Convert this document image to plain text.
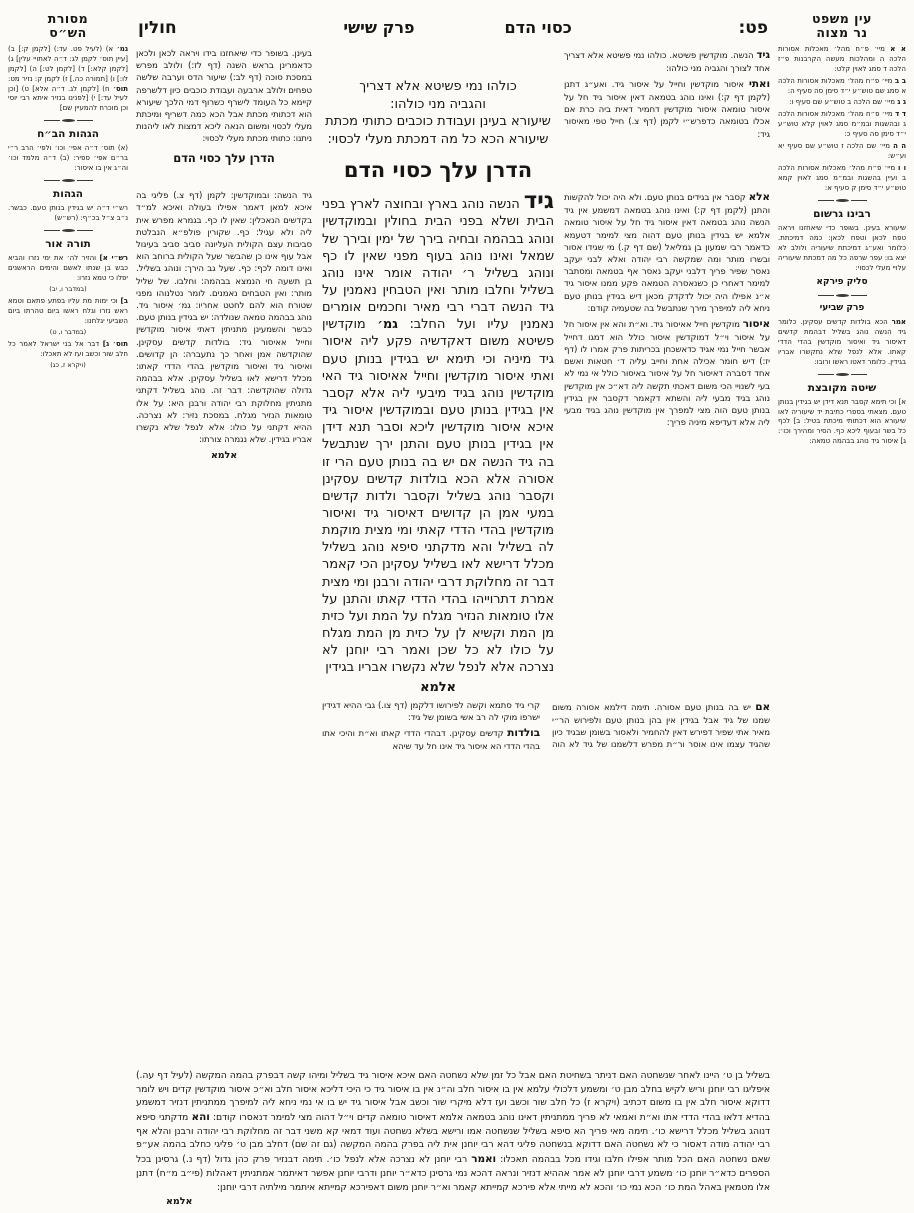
עין משפט
נר מצוה
א א מיי׳ פ״ח מהל׳ מאכלות אסורות הלכה ה ומהלכות מעשה הקרבנות פ״ז הלכה ד סמג לאוין קלט:
ב ב מיי׳ פ״ח מהל׳ מאכלות אסורות הלכה א סמג שם טוש״ע י״ד סימן סה סעיף ה:
ג ג מיי׳ שם הלכה ב טוש״ע שם סעיף ו:
ד ד מיי׳ פ״ח מהל׳ מאכלות אסורות הלכה ג ובהשגות ובמ״מ סמג לאוין קלא טוש״ע י״ד סימן סה סעיף כ:
ה ה מיי׳ שם הלכה ז טוש״ע שם סעיף יא וע״ש:
ו ו מיי׳ פ״ח מהל׳ מאכלות אסורות הלכה ב ועיין בהשגות ובמ״מ סמג לאוין קמא טוש״ע י״ד סימן ק סעיף א:
רבינו גרשום
שיעורא בעינן. בשופר כדי שיאחזנו ויראה טפח לכאן וטפח לכאן: כמה דמיכתת. כלומר ואע״ג דמיכתת שיעוריה ולולב לא יצא בו: עפר שרפה כל מה דמכתת שיעוריה עלויי מעלי לכסוי:
סליק פירקא
פרק שביעי
אמר הכא בולדות קדשים עסקינן. כלומר גיד הנשה נוהג בשליל דבהמת קדשים דאיסור גיד ואיסור מוקדשין בהדי הדדי קאתו. אלא לנפל שלא נתקשרו אבריו בגידין. כלומר דאטו ראשו ורובו:
שיטה מקובצת
א] וכי תימא קסבר תנא דידן יש בגידין בנותן טעם. מצאתי בספרי כתיבת יד שיעוריה לאו שיעורא הוא דכתותי מיכתת בטיל: ב] לכף כל בשר ובעוף ליכא כף. הסיר ומהירך וכו׳: ג] איסור גיד נוהג בבהמה טמאה:
פט:
כסוי הדם
פרק שישי
חולין
גיד הנשה. מוקדשין פשיטא. כולהו נמי פשיטא אלא דצריך אחד לצורך והגביה מני כולהו:
ואתי איסור מוקדשין וחייל על איסור גיד. ואע״ג דתנן (לקמן דף ק:) ואינו נוהג בטמאה דאין איסור גיד חל על איסור טומאה איסור מוקדשין דחמיר דאית ביה כרת אם אכלו בטומאה כדפרש״י לקמן (דף צ.) חייל טפי מאיסור גיד:
כולהו נמי פשיטא אלא דצריך
והגביה מני כולהו:
שיעורא בעינן ועבודת כוכבים כתותי מכתת
שיעורא הכא כל מה דמכתת מעלי לכסוי:
הדרן עלך כסוי הדם
בעינן. בשופר כדי שיאחזנו בידו ויראה לכאן ולכאן כדאמרינן בראש השנה (דף לז:) ולולב מפרש במסכת סוכה (דף לב:) שיעור הדס וערבה שלשה טפחים ולולב ארבעה ועבודת כוכבים כיון דלשרפה קיימא כל העומד לישרף כשרוף דמי הלכך שיעורא הוא דכתותי מכתת אבל הכא כמה דשריף ומיכתת מעלי לכסוי ומשום הנאה ליכא דמצות לאו ליהנות ניתנו: כתותי מכתת מעלי לכסוי:
הדרן עלך כסוי הדם
אלא קסבר אין בגידים בנותן טעם. ולא היה יכול להקשות והתנן (לקמן דף ק:) ואינו נוהג בטמאה דמשמע אין גיד הנשה נוהג בטמאה דאין איסור גיד חל על איסור טומאה אלמא יש בגידין בנותן טעם דהוה מצי למימר דטעמא כדאמר רבי שמעון בן גמליאל (שם דף ק.) מי שגידו אסור ובשרו מותר ומה שמקשה רבי יהודה ואלא לבני יעקב נאסר שפיר פריך דלבני יעקב נאסר אף בטמאה ומסתבר למימר דאחרי כן כשנאסרה הטמאה פקע ממנו איסור גיד א״נ אפילו היה יכול לדקדק מכאן דיש בגידין בנותן טעם ניחא ליה למיפרך מירך שנתבשל בה שטעמיה קודם:
איסור מוקדשין חייל אאיסור גיד. וא״ת והא אין איסור חל על איסור וי״ל דמוקדשין איסור כולל הוא דמגו דחייל אבשר חייל נמי אגיד כדאשכחן בכריתות פרק אמרו לו (דף יז:) דיש חומר אכילה אחת וחייב עליה ד׳ חטאות ואשם אחד דסברה דאיסור חל על איסור באיסור כולל אי נמי לא בעי לשנויי הכי משום דאכתי תקשה ליה דא״כ אין מוקדשין נוהג בגיד מבעי ליה והשתא דקאמר דקסבר אין בגידין בנותן טעם הוה מצי למפרך אין מוקדשין נוהג בגיד מבעי ליה אלא דעדיפא מיניה פריך:
גידהנשה נוהג בארץ ובחוצה לארץ בפני הבית ושלא בפני הבית בחולין ובמוקדשין ונוהג בבהמה ובחיה בירך של ימין ובירך של שמאל ואינו נוהג בעוף מפני שאין לו כף ונוהג בשליל ר׳ יהודה אומר אינו נוהג בשליל וחלבו מותר ואין הטבחין נאמנין על גיד הנשה דברי רבי מאיר וחכמים אומרים נאמנין עליו ועל החלב: גמ׳ מוקדשין פשיטא משום דאקדשיה פקע ליה איסור גיד מיניה וכי תימא יש בגידין בנותן טעם ואתי איסור מוקדשין וחייל אאיסור גיד האי מוקדשין נוהג בגיד מיבעי ליה אלא קסבר אין בגידין בנותן טעם ובמוקדשין איסור גיד איכא איסור מוקדשין ליכא וסבר תנא דידן אין בגידין בנותן טעם והתנן ירך שנתבשל בה גיד הנשה אם יש בה בנותן טעם הרי זו אסורה אלא הכא בולדות קדשים עסקינן וקסבר נוהג בשליל וקסבר ולדות קדשים במעי אמן הן קדושים דאיסור גיד ואיסור מוקדשין בהדי הדדי קאתי ומי מצית מוקמת לה בשליל והא מדקתני סיפא נוהג בשליל מכלל דרישא לאו בשליל עסקינן הכי קאמר דבר זה מחלוקת דרבי יהודה ורבנן ומי מצית אמרת דתרוייהו בהדי הדדי קאתו והתנן על אלו טומאות הנזיר מגלח על המת ועל כזית מן המת וקשיא לן על כזית מן המת מגלח על כולו לא כל שכן ואמר רבי יוחנן לא נצרכה אלא לנפל שלא נקשרו אבריו בגידין
אלמא
גיד הנשה: ובמוקדשין: לקמן (דף צ.) פליגי בה איכא למאן דאמר אפילו בעולה ואיכא למ״ד בקדשים הנאכלין: שאין לו כף. בגמרא מפרש אית ליה ולא עגיל: כף. שקורין פולפ״א הנבלטת סביבות עצם הקולית העליונה סביב סביב בעיגול אבל עוף אינו כן שהבשר שעל הקולית ברוחב הוא ואינו דומה לכף: כף. שעל גב הירך: ונוהג בשליל. בן תשעה חי הנמצא בבהמה: וחלבו. של שליל מותר: ואין הטבחים נאמנים. לומר נטלנוהו מפני שטורח הוא להם לחטט אחריו: גמ׳ איסור גיד. נוהג בבהמה טמאה שנולדה: יש בגידין בנותן טעם. כבשר והשמעינן מתניתין דאתי איסור מוקדשין וחייל אאיסור גיד: בולדות קדשים עסקינן. שהוקדשה אמן ואחר כך נתעברה: הן קדושים. ואיסור גיד ואיסור מוקדשין בהדי הדדי קאתו: מכלל דרישא לאו בשליל עסקינן. אלא בבהמה גדולה שהוקדשה: דבר זה. נוהג בשליל דקתני מתניתין מחלוקת רבי יהודה ורבנן היא: על אלו טומאות הנזיר מגלח. במסכת נזיר: לא נצרכה. ההיא דקתני על כולו: אלא לנפל שלא נקשרו אבריו בגידין. שלא נגמרה צורתו:
אלמא
אם יש בה בנותן טעם אסורה. תימה דילמא אסורה משום שמנו של גיד אבל בגידין אין בהן בנותן טעם ולפירוש הר״י מאיר אתי שפיר דפירש דאין להחמיר ולאסור בשומן שבגיד כיון שהגיד עצמו אינו אוסר ור״ת מפרש דלשמנו של גיד לא הוה קרי גיד סתמא וקשה לפירושו דלקמן (דף צו.) גבי ההיא דגידין ישרפו מוקי לה רב אשי בשומן של גיד:
בולדות קדשים עסקינן. דבהדי הדדי קאתו וא״ת והיכי אתו בהדי הדדי הא איסור גיד אינו חל עד שיהא
בשליל בן ט׳ היינו לאחר שנשחטה האם דניתר בשחיטת האם אבל כל זמן שלא נשחטה האם איכא איסור גיד בשליל ומיהו קשה דבפרק בהמה המקשה (לעיל דף עה.) איפליגו רבי יוחנן וריש לקיש בחלב מבן ט׳ ומשמע דלכולי עלמא אין בו איסור חלב וה״נ אין בו איסור גיד כי היכי דליכא איסור חלב וא״כ איסור מוקדשין קדים ויש לומר דדוקא איסור חלב אין בו משום דכתיב (ויקרא ז) כל חלב שור וכשב ועז דלא מיקרי שור וכשב אבל איסור גיד יש בו אי נמי ניחא ליה למיפרך ממתניתין דנזיר דמשמע בהדיא דלאו בהדי הדדי אתו וא״ת ואמאי לא פריך ממתניתין דאינו נוהג בטמאה אלמא דאיסור טומאה קדים וי״ל דהוה מצי למימר דנאסרו קודם: והא מדקתני סיפא דנוהג בשליל מכלל דרישא כו׳. תימה מאי פריך הא סיפא בשליל שנשחטה אמו ורישא בשלא נשחטה ועוד דמאי קא משני דבר זה מחלוקת רבי יהודה ורבנן והלא אף רבי יהודה מודה דאסור כי לא נשחטה האם דדוקא בנשחטה פליגי דהא רבי יוחנן אית ליה בפרק בהמה המקשה (גם זה שם) דחלב מבן ט׳ פליגי כחלב בהמה אע״פ שאם נשחטה האם הכל מותר אפילו חלבו וגידו מכל בבהמה תאכלו: ואמר רבי יוחנן לא נצרכה אלא לנפל כו׳. תימה דבנזיר פרק כהן גדול (דף נ.) גרסינן בכל הספרים כדא״ר יוחנן כו׳ משמע דרבי יוחנן לא אמר אההיא דנזיר ונראה דהכא נמי גרסינן כדא״ר יוחנן ודרבי יוחנן אפשר דאיתמר אמתניתין דאהלות (פי״ב מ״ח) דתנן אלו מטמאין באהל המת כו׳ הכא נמי כו׳ והכא לא מייתי אלא פירכא קמייתא קאמר וא״ר יוחנן משום דאפירכא קמייתא איתמר מילתיה דרבי יוחנן:
אלמא
מסורת
הש״ס
גמ׳ א) (לעיל פט. עד:) [לקמן ק:] ב) [עיין תוס׳ לקמן לג: ד״ה לאתויי עלין] ג) [לקמן קלא:] ד) [לקמן לט:] ה) [לקמן לו:] ו) [תמורה כה.] ז) לקמן ק: נזיר מט: תוס׳ ח) [לקמן לג. ד״ה אלא] ט) [וכן לעיל עד:] י) [לפנינו בנזיר איתא רבי יוסי וכן מוכרח להמעיין שם]
הגהות הב״ח
(א) תוס׳ ד״ה אפי׳ וכו׳ ולפי׳ הרב ר״י בר״ם אפי׳ ספיר: (ב) ד״ה מלמד וכו׳ וה״ג אין בו איסור:
הגהות
רש״י ד״ה יש בגידין בנותן טעם. כבשר. נ״ב צ״ל בכ״ף: (רש״ש)
תורה אור
רש״י א] והזיר לה׳ את ימי נזרו והביא כבש בן שנתו לאשם והימים הראשנים יפלו כי טמא נזרו:
(במדבר ו, יב)
ב] וכי ימות מת עליו בפתע פתאם וטמא ראש נזרו וגלח ראשו ביום טהרתו ביום השביעי יגלחנו:
(במדבר ו, ט)
תוס׳ ג] דבר אל בני ישראל לאמר כל חלב שור וכשב ועז לא תאכלו:
(ויקרא ז, כג)
